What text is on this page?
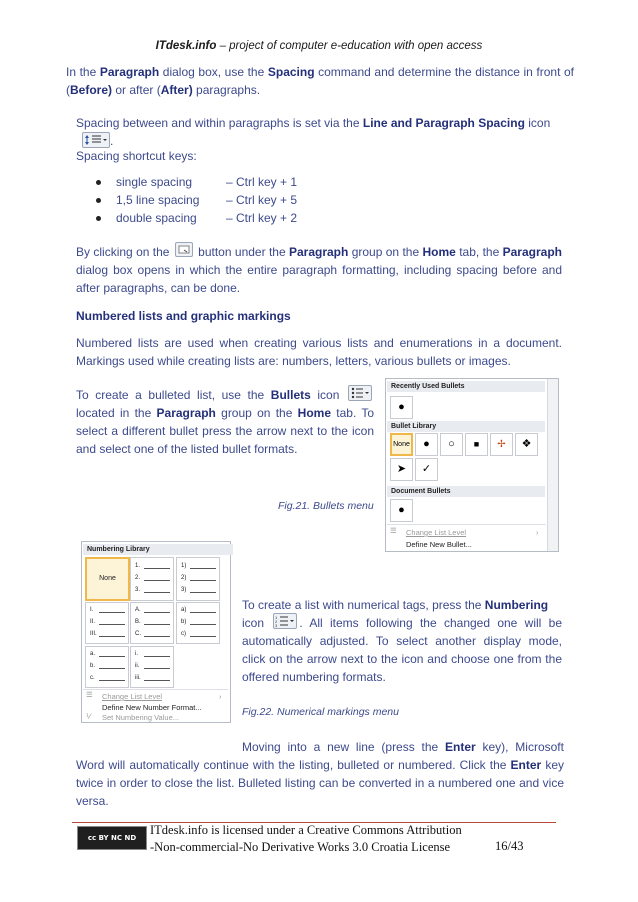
ITdesk.info – project of computer e-education with open access

In the Paragraph dialog box, use the Spacing command and determine the distance in front of (Before) or after (After) paragraphs.

Spacing between and within paragraphs is set via the Line and Paragraph Spacing icon .

Spacing shortcut keys:

single spacing	– Ctrl key + 1
1,5 line spacing – Ctrl key + 5
double spacing – Ctrl key + 2

By clicking on the  button under the Paragraph group on the Home tab, the Paragraph dialog box opens in which the entire paragraph formatting, including spacing before and after paragraphs, can be done.

Numbered lists and graphic markings

Numbered lists are used when creating various lists and enumerations in a document. Markings used while creating lists are: numbers, letters, various bullets or images.

To create a bulleted list, use the Bullets icon  located in the Paragraph group on the Home tab. To select a different bullet press the arrow next to the icon and select one of the listed bullet formats.

Fig.21. Bullets menu

Recently Used Bullets
●
Bullet Library
None	●	○	■	✢	❖
➤	✓
Document Bullets
●
☰ Change List Level	›
Define New Bullet...
Numbering Library
None
1.
2.
3.
1)
2)
3)
I.
II.
III.
A.
B.
C.
a)
b)
c)
a.
b.
c.
i.
ii.
iii.
☰ Change List Level	›
Define New Number Format...
⅟ Set Numbering Value...

To create a list with numerical tags, press the Numbering
icon	1
2
3 . All items following the changed one will be automatically adjusted. To select another display mode, click on the arrow next to the icon and choose one from the offered numbering formats.

Fig.22. Numerical markings menu

Moving into a new line (press the Enter key), Microsoft Word will automatically continue with the listing, bulleted or numbered. Click the Enter key twice in order to close the list. Bulleted listing can be converted in a numbered one and vice versa.

cc BY NC ND
ITdesk.info is licensed under a Creative Commons Attribution
-Non-commercial-No Derivative Works 3.0 Croatia License	16/43
